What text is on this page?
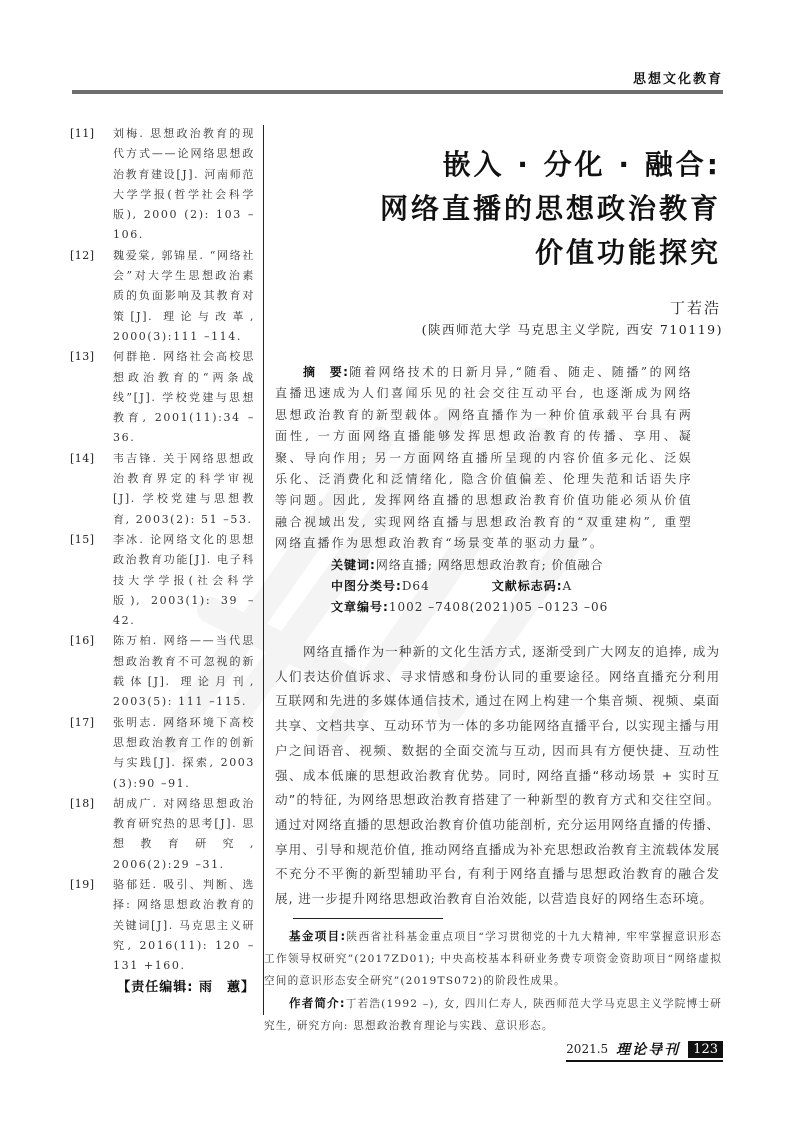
思想文化教育
[11]	刘梅. 思想政治教育的现代方式——论网络思想政治教育建设[J]. 河南师范大学学报(哲学社会科学版), 2000 (2): 103 –106.
[12]	魏爱棠, 郭锦星. “网络社会”对大学生思想政治素质的负面影响及其教育对策[J]. 理论与改革, 2000(3):111 –114.
[13]	何群艳. 网络社会高校思想政治教育的“两条战线”[J]. 学校党建与思想教育, 2001(11):34 –36.
[14]	韦吉锋. 关于网络思想政治教育界定的科学审视[J]. 学校党建与思想教育, 2003(2): 51 –53.
[15]	李冰. 论网络文化的思想政治教育功能[J]. 电子科技大学学报(社会科学版), 2003(1): 39 –42.
[16]	陈万柏. 网络——当代思想政治教育不可忽视的新载体[J]. 理论月刊, 2003(5): 111 –115.
[17]	张明志. 网络环境下高校思想政治教育工作的创新与实践[J]. 探索, 2003 (3):90 –91.
[18]	胡成广. 对网络思想政治教育研究热的思考[J]. 思想教育研究, 2006(2):29 –31.
[19]	骆郁廷. 吸引、判断、选择: 网络思想政治教育的关键词[J]. 马克思主义研究, 2016(11): 120 –131 +160.
【责任编辑: 雨　蕙】
嵌入 · 分化 · 融合:
网络直播的思想政治教育
价值功能探究
丁若浩
(陕西师范大学 马克思主义学院, 西安 710119)

摘　要:随着网络技术的日新月异,“随看、随走、随播”的网络直播迅速成为人们喜闻乐见的社会交往互动平台, 也逐渐成为网络思想政治教育的新型载体。网络直播作为一种价值承载平台具有两面性, 一方面网络直播能够发挥思想政治教育的传播、享用、凝聚、导向作用; 另一方面网络直播所呈现的内容价值多元化、泛娱乐化、泛消费化和泛情绪化, 隐含价值偏差、伦理失范和话语失序等问题。因此, 发挥网络直播的思想政治教育价值功能必须从价值融合视域出发, 实现网络直播与思想政治教育的“双重建构”, 重塑网络直播作为思想政治教育“场景变革的驱动力量”。

关键词:网络直播; 网络思想政治教育; 价值融合

中图分类号:D64	文献标志码:A

文章编号:1002 –7408(2021)05 –0123 –06

网络直播作为一种新的文化生活方式, 逐渐受到广大网友的追捧, 成为人们表达价值诉求、寻求情感和身份认同的重要途径。网络直播充分利用互联网和先进的多媒体通信技术, 通过在网上构建一个集音频、视频、桌面共享、文档共享、互动环节为一体的多功能网络直播平台, 以实现主播与用户之间语音、视频、数据的全面交流与互动, 因而具有方便快捷、互动性强、成本低廉的思想政治教育优势。同时, 网络直播“移动场景 + 实时互动”的特征, 为网络思想政治教育搭建了一种新型的教育方式和交往空间。通过对网络直播的思想政治教育价值功能剖析, 充分运用网络直播的传播、享用、引导和规范价值, 推动网络直播成为补充思想政治教育主流载体发展不充分不平衡的新型辅助平台, 有利于网络直播与思想政治教育的融合发展, 进一步提升网络思想政治教育自治效能, 以营造良好的网络生态环境。

基金项目:陕西省社科基金重点项目“学习贯彻党的十九大精神, 牢牢掌握意识形态工作领导权研究”(2017ZD01); 中央高校基本科研业务费专项资金资助项目“网络虚拟空间的意识形态安全研究”(2019TS072)的阶段性成果。

作者简介:丁若浩(1992 –), 女, 四川仁寿人, 陕西师范大学马克思主义学院博士研究生, 研究方向: 思想政治教育理论与实践、意识形态。

2021.5 理论导刊	123
